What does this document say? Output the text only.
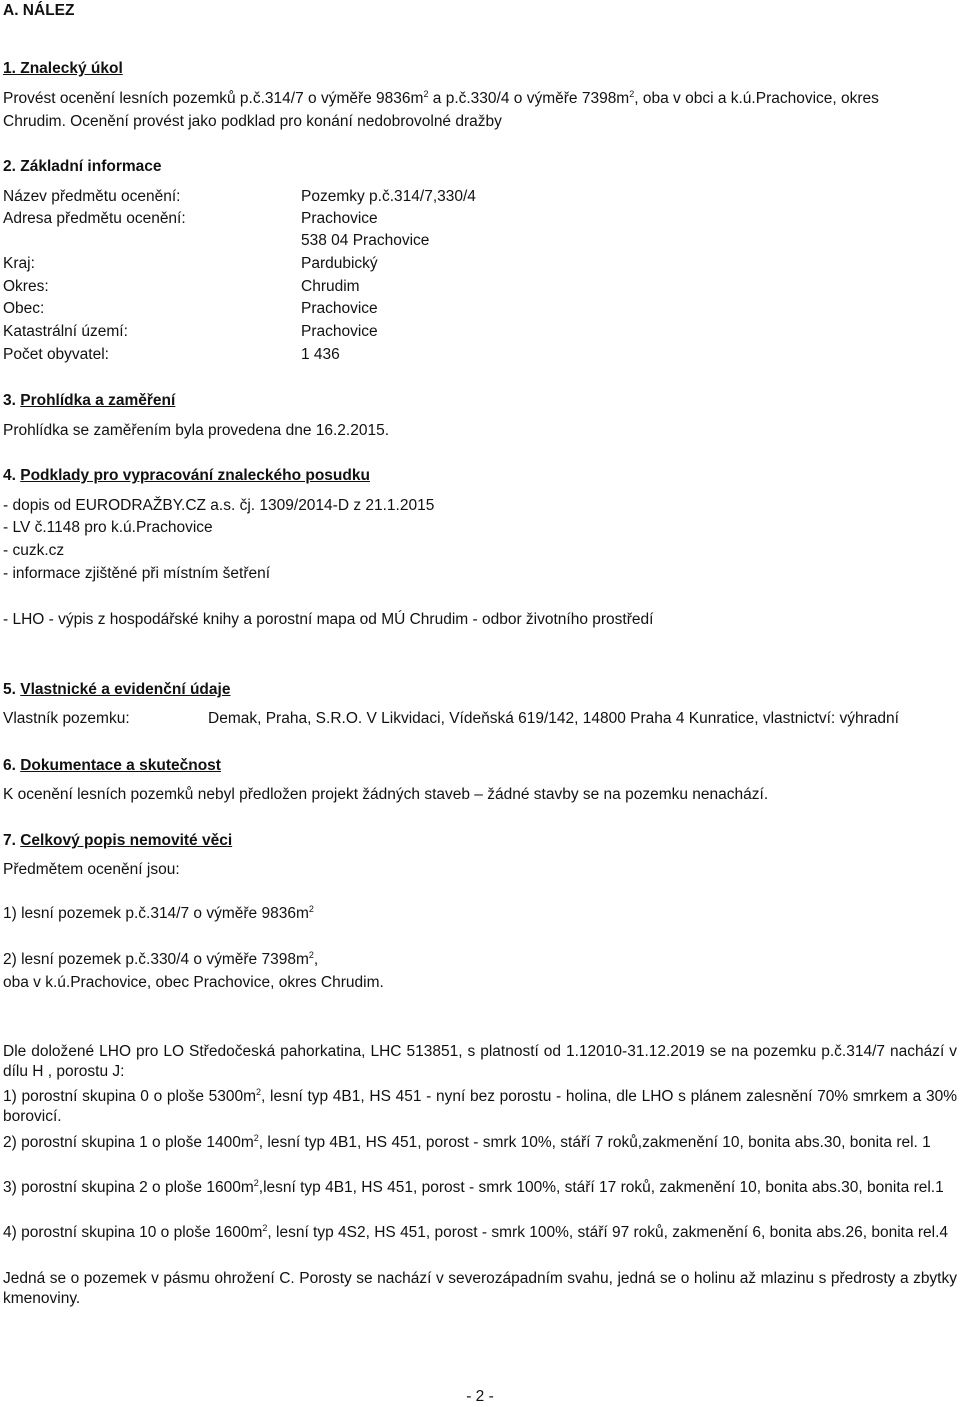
A. NÁLEZ
1. Znalecký úkol
Provést ocenění lesních pozemků p.č.314/7 o výměře $9836m^2$ a p.č.330/4 o výměře $7398m^2$, oba v obci a k.ú.Prachovice, okres
Chrudim. Ocenění provést jako podklad pro konání nedobrovolné dražby
2. Základní informace
Název předmětu ocenění:	Pozemky p.č.314/7,330/4
Adresa předmětu ocenění:	Prachovice
538 04 Prachovice
Kraj:	Pardubický
Okres:	Chrudim
Obec:	Prachovice
Katastrální území:	Prachovice
Počet obyvatel:	1 436
3. Prohlídka a zaměření
Prohlídka se zaměřením byla provedena dne 16.2.2015.
4. Podklady pro vypracování znaleckého posudku
- dopis od EURODRAŽBY.CZ a.s. čj. 1309/2014-D z 21.1.2015
- LV č.1148 pro k.ú.Prachovice
- cuzk.cz
- informace zjištěné při místním šetření
- LHO - výpis z hospodářské knihy a porostní mapa od MÚ Chrudim - odbor životního prostředí
5. Vlastnické a evidenční údaje
Vlastník pozemku:	Demak, Praha, S.R.O. V Likvidaci, Vídeňská 619/142, 14800 Praha 4 Kunratice, vlastnictví: výhradní
6. Dokumentace a skutečnost
K ocenění lesních pozemků nebyl předložen projekt žádných staveb – žádné stavby se na pozemku nenachází.
7. Celkový popis nemovité věci
Předmětem ocenění jsou:
1) lesní pozemek p.č.314/7 o výměře $9836m^2$
2) lesní pozemek p.č.330/4 o výměře $7398m^2$,
oba v k.ú.Prachovice, obec Prachovice, okres Chrudim.
Dle doložené LHO pro LO Středočeská pahorkatina, LHC 513851, s platností od 1.12010-31.12.2019 se na pozemku p.č.314/7 nachází v dílu H , porostu J:
1) porostní skupina 0 o ploše $5300m^2$, lesní typ 4B1, HS 451 - nyní bez porostu - holina, dle LHO s plánem zalesnění 70% smrkem a 30% borovicí.
2) porostní skupina 1 o ploše $1400m^2$, lesní typ 4B1, HS 451, porost - smrk 10%, stáří 7 roků,zakmenění 10, bonita abs.30, bonita rel. 1
3) porostní skupina 2 o ploše $1600m^2,lesní$ typ 4B1, HS 451, porost - smrk 100%, stáří 17 roků, zakmenění 10, bonita abs.30, bonita rel.1
4) porostní skupina 10 o ploše $1600m^2$, lesní typ 4S2, HS 451, porost - smrk 100%, stáří 97 roků, zakmenění 6, bonita abs.26, bonita rel.4
Jedná se o pozemek v pásmu ohrožení C. Porosty se nachází v severozápadním svahu, jedná se o holinu až mlazinu s předrosty a zbytky kmenoviny.
- 2 -
